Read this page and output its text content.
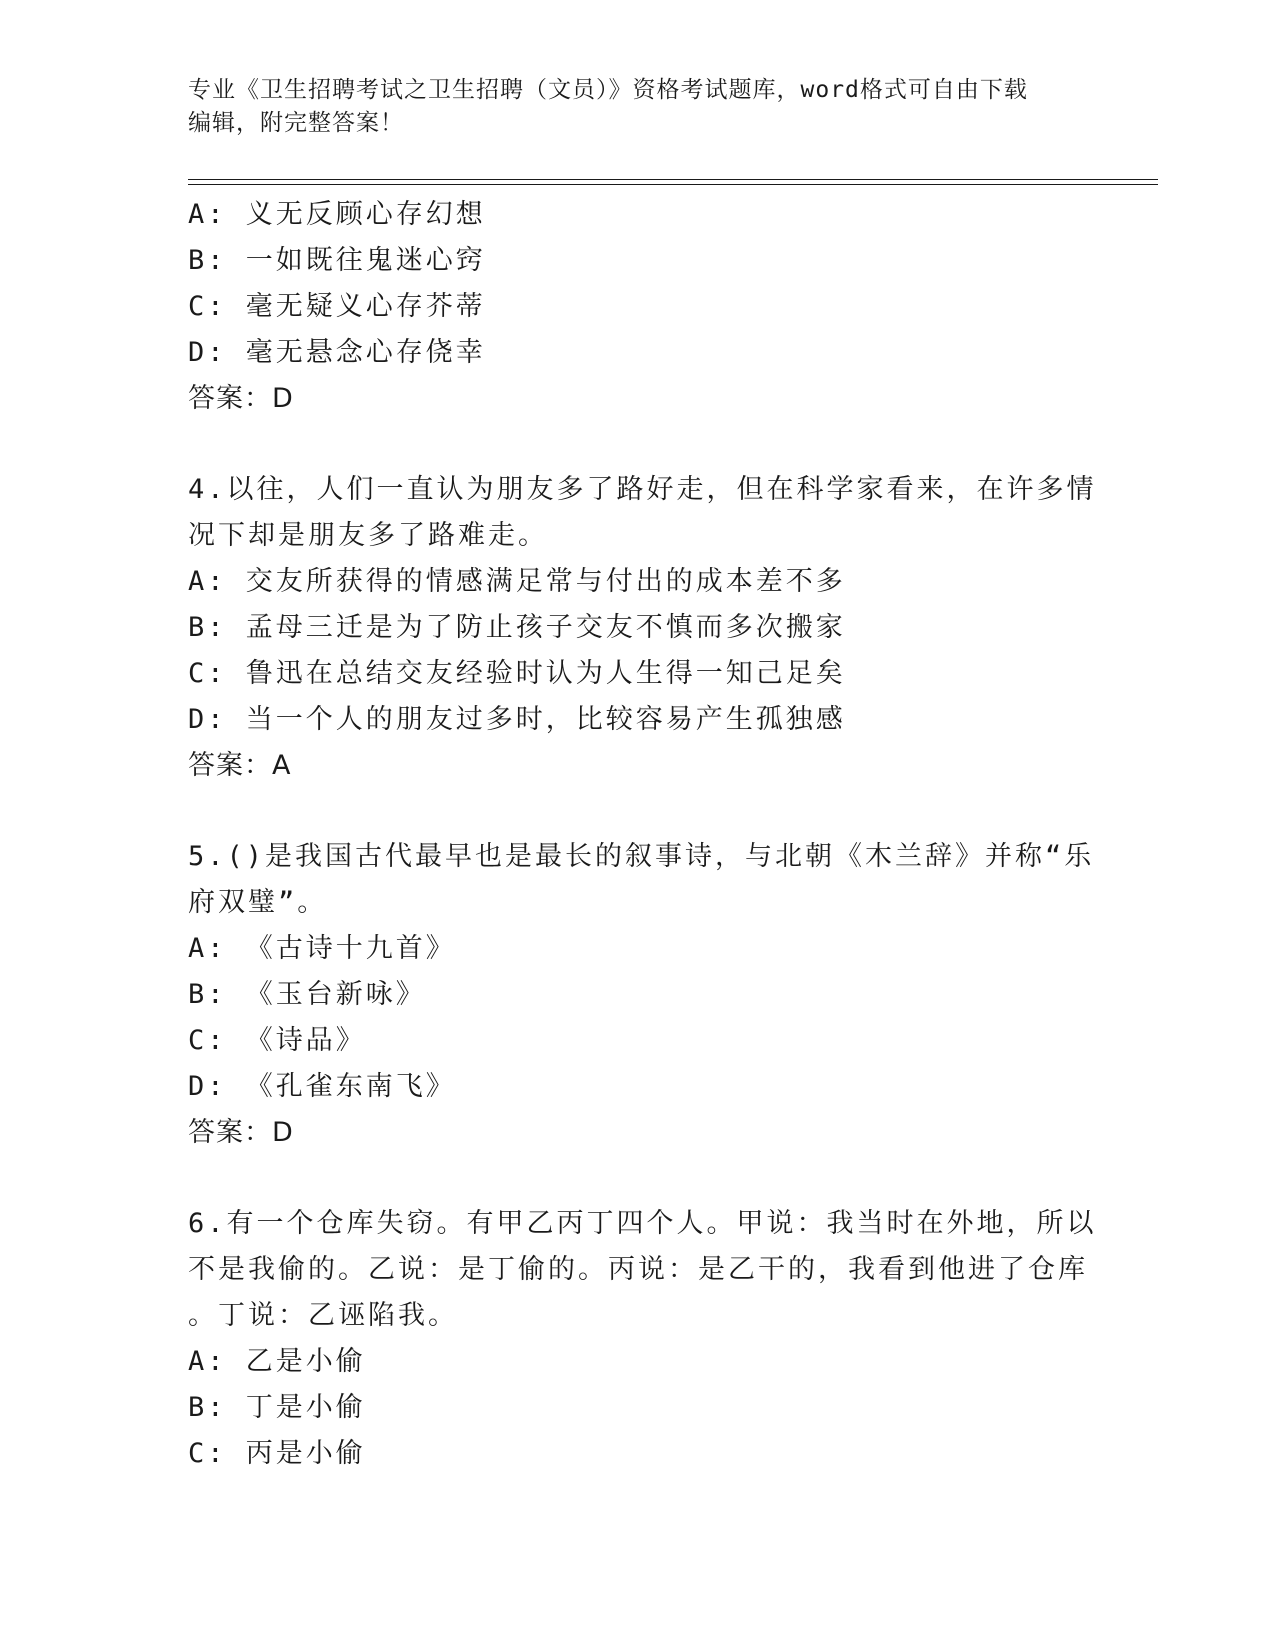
专业《卫生招聘考试之卫生招聘（文员）》资格考试题库，word格式可自由下载
编辑，附完整答案！
A: 义无反顾心存幻想
B: 一如既往鬼迷心窍
C: 毫无疑义心存芥蒂
D: 毫无悬念心存侥幸
答案：D
4.以往，人们一直认为朋友多了路好走，但在科学家看来，在许多情
况下却是朋友多了路难走。
A: 交友所获得的情感满足常与付出的成本差不多
B: 孟母三迁是为了防止孩子交友不慎而多次搬家
C: 鲁迅在总结交友经验时认为人生得一知己足矣
D: 当一个人的朋友过多时，比较容易产生孤独感
答案：A
5.()是我国古代最早也是最长的叙事诗，与北朝《木兰辞》并称“乐
府双璧”。
A: 《古诗十九首》
B: 《玉台新咏》
C: 《诗品》
D: 《孔雀东南飞》
答案：D
6.有一个仓库失窃。有甲乙丙丁四个人。甲说：我当时在外地，所以
不是我偷的。乙说：是丁偷的。丙说：是乙干的，我看到他进了仓库
。丁说：乙诬陷我。
A: 乙是小偷
B: 丁是小偷
C: 丙是小偷
